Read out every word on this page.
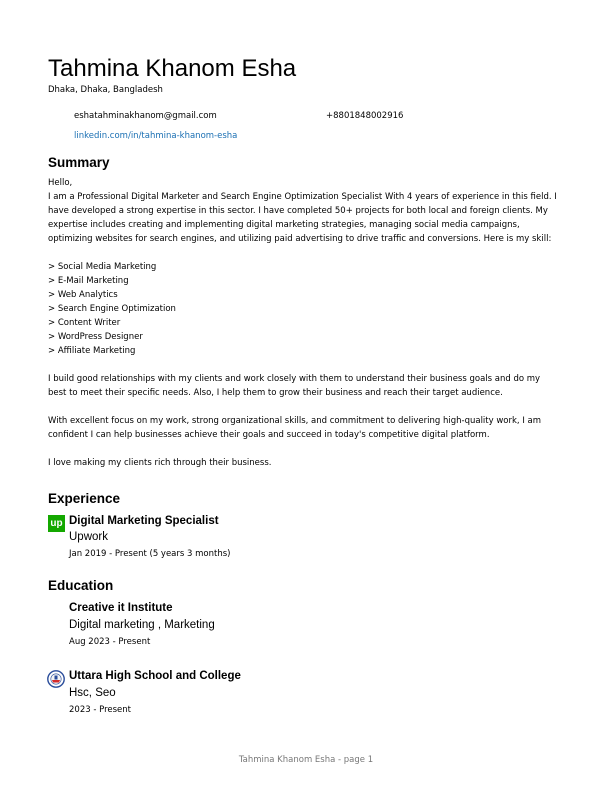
Tahmina Khanom Esha
Dhaka, Dhaka, Bangladesh
eshatahminakhanom@gmail.com	+8801848002916
linkedin.com/in/tahmina-khanom-esha
Summary

Hello,

I am a Professional Digital Marketer and Search Engine Optimization Specialist With 4 years of experience in this field. I have developed a strong expertise in this sector. I have completed 50+ projects for both local and foreign clients. My expertise includes creating and implementing digital marketing strategies, managing social media campaigns, optimizing websites for search engines, and utilizing paid advertising to drive traffic and conversions. Here is my skill:

> Social Media Marketing

> E-Mail Marketing

> Web Analytics

> Search Engine Optimization

> Content Writer

> WordPress Designer

> Affiliate Marketing

I build good relationships with my clients and work closely with them to understand their business goals and do my best to meet their specific needs. Also, I help them to grow their business and reach their target audience.

With excellent focus on my work, strong organizational skills, and commitment to delivering high-quality work, I am confident I can help businesses achieve their goals and succeed in today's competitive digital platform.

I love making my clients rich through their business.

Experience
up Digital Marketing Specialist
Upwork
Jan 2019 - Present (5 years 3 months)
Education
Creative it Institute
Digital marketing , Marketing
Aug 2023 - Present
Uttara High School and College
Hsc, Seo
2023 - Present
Tahmina Khanom Esha - page 1
